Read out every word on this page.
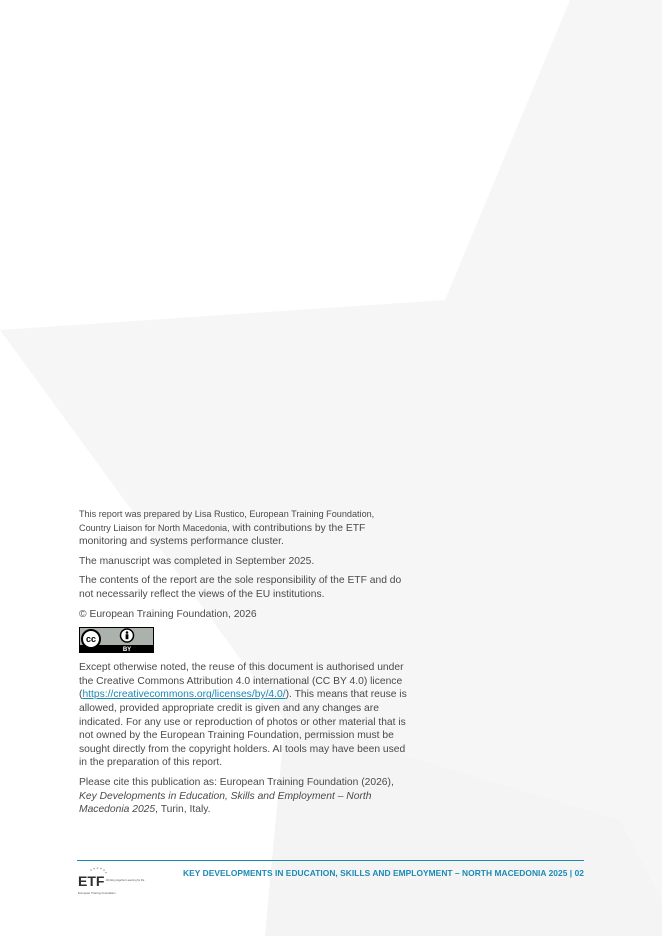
This report was prepared by Lisa Rustico, European Training Foundation,
Country Liaison for North Macedonia, with contributions by the ETF monitoring and systems performance cluster.

The manuscript was completed in September 2025.

The contents of the report are the sole responsibility of the ETF and do not necessarily reflect the views of the EU institutions.

© European Training Foundation, 2026

cc
BY

Except otherwise noted, the reuse of this document is authorised under the Creative Commons Attribution 4.0 international (CC BY 4.0) licence (https://creativecommons.org/licenses/by/4.0/). This means that reuse is allowed, provided appropriate credit is given and any changes are indicated. For any use or reproduction of photos or other material that is not owned by the European Training Foundation, permission must be sought directly from the copyright holders. AI tools may have been used in the preparation of this report.

Please cite this publication as: European Training Foundation (2026), Key Developments in Education, Skills and Employment – North Macedonia 2025, Turin, Italy.

ETF Working together Learning for life
European Training Foundation
KEY DEVELOPMENTS IN EDUCATION, SKILLS AND EMPLOYMENT – NORTH MACEDONIA 2025 | 02
